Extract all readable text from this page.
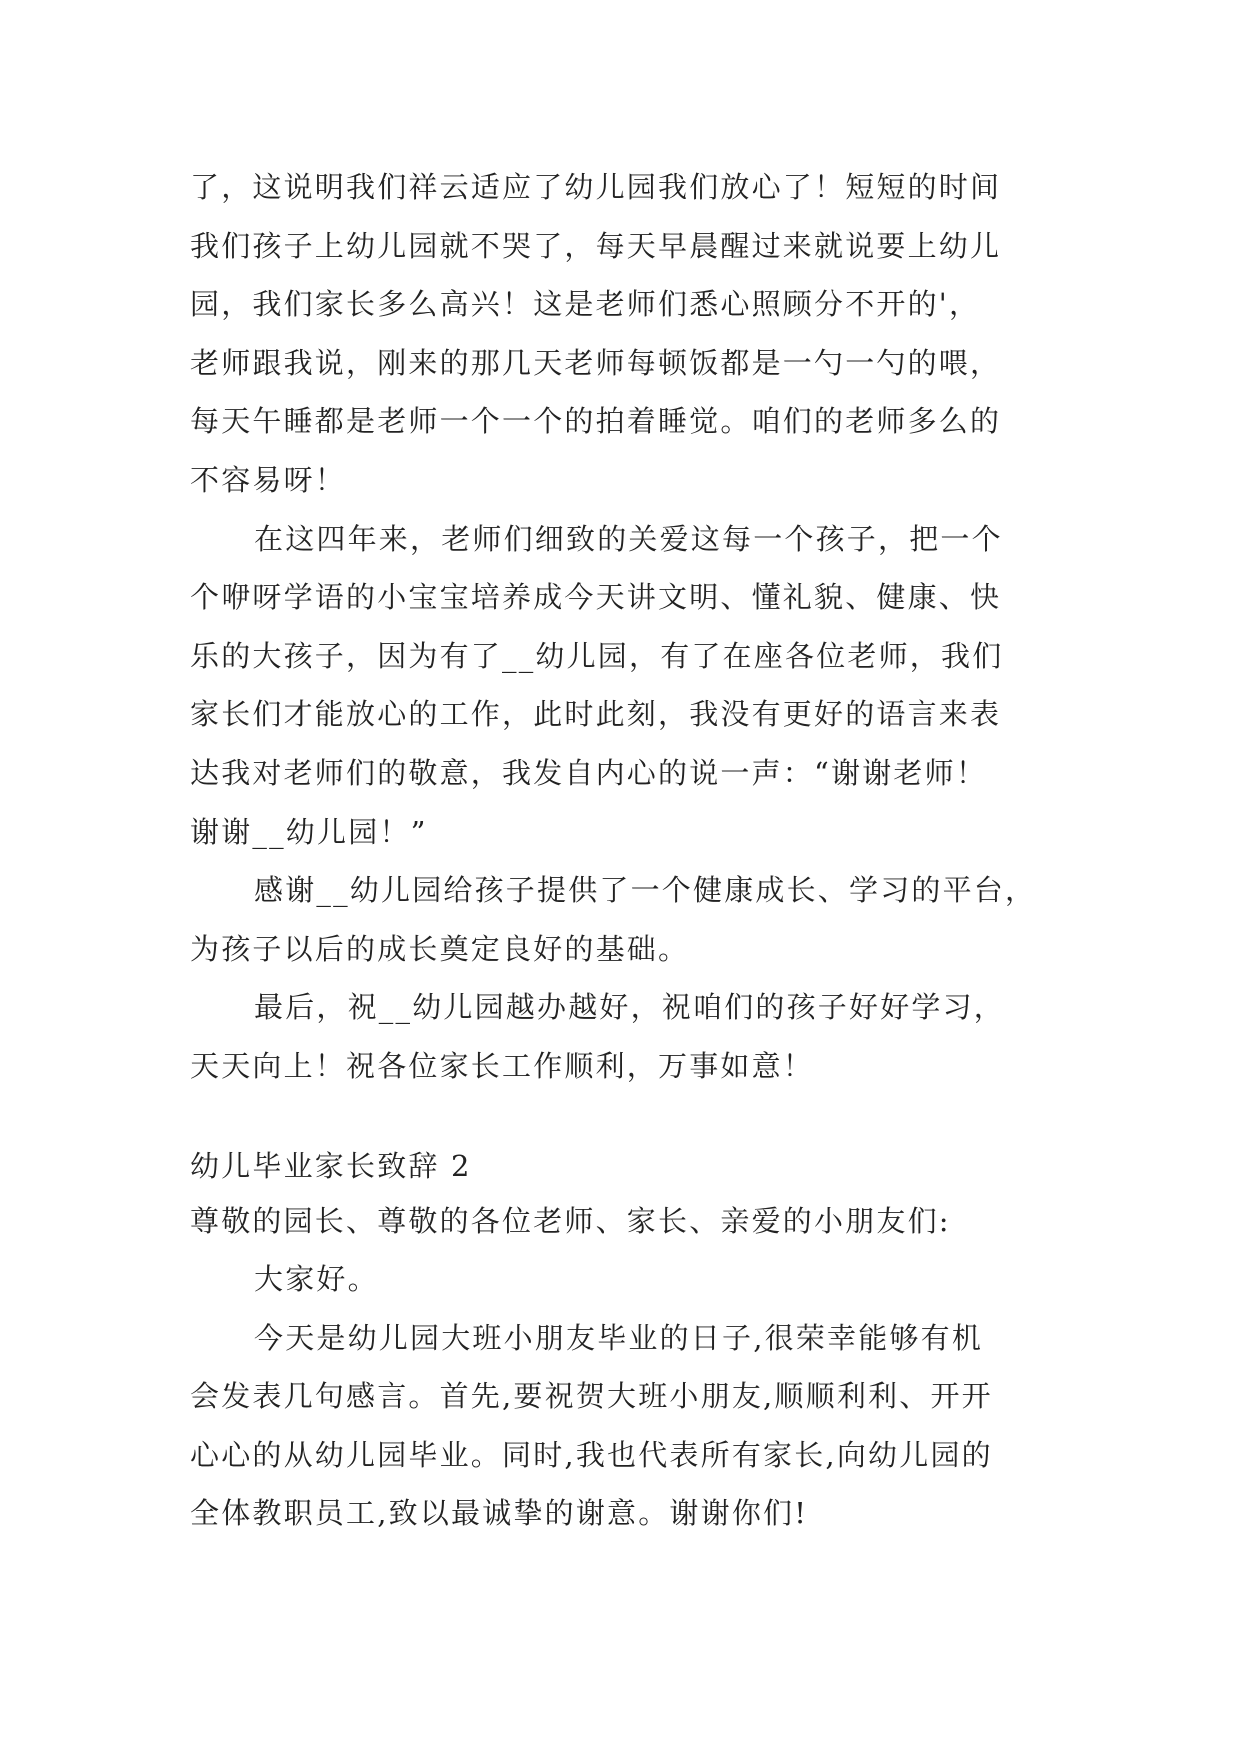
了，这说明我们祥云适应了幼儿园我们放心了！短短的时间
我们孩子上幼儿园就不哭了，每天早晨醒过来就说要上幼儿
园，我们家长多么高兴！这是老师们悉心照顾分不开的'，
老师跟我说，刚来的那几天老师每顿饭都是一勺一勺的喂，
每天午睡都是老师一个一个的拍着睡觉。咱们的老师多么的
不容易呀！
在这四年来，老师们细致的关爱这每一个孩子，把一个
个咿呀学语的小宝宝培养成今天讲文明、懂礼貌、健康、快
乐的大孩子，因为有了__幼儿园，有了在座各位老师，我们
家长们才能放心的工作，此时此刻，我没有更好的语言来表
达我对老师们的敬意，我发自内心的说一声：“谢谢老师！
谢谢__幼儿园！”
感谢__幼儿园给孩子提供了一个健康成长、学习的平台，
为孩子以后的成长奠定良好的基础。
最后，祝__幼儿园越办越好，祝咱们的孩子好好学习，
天天向上！祝各位家长工作顺利，万事如意！
幼儿毕业家长致辞 2
尊敬的园长、尊敬的各位老师、家长、亲爱的小朋友们:
大家好。
今天是幼儿园大班小朋友毕业的日子,很荣幸能够有机
会发表几句感言。首先,要祝贺大班小朋友,顺顺利利、开开
心心的从幼儿园毕业。同时,我也代表所有家长,向幼儿园的
全体教职员工,致以最诚挚的谢意。谢谢你们!
